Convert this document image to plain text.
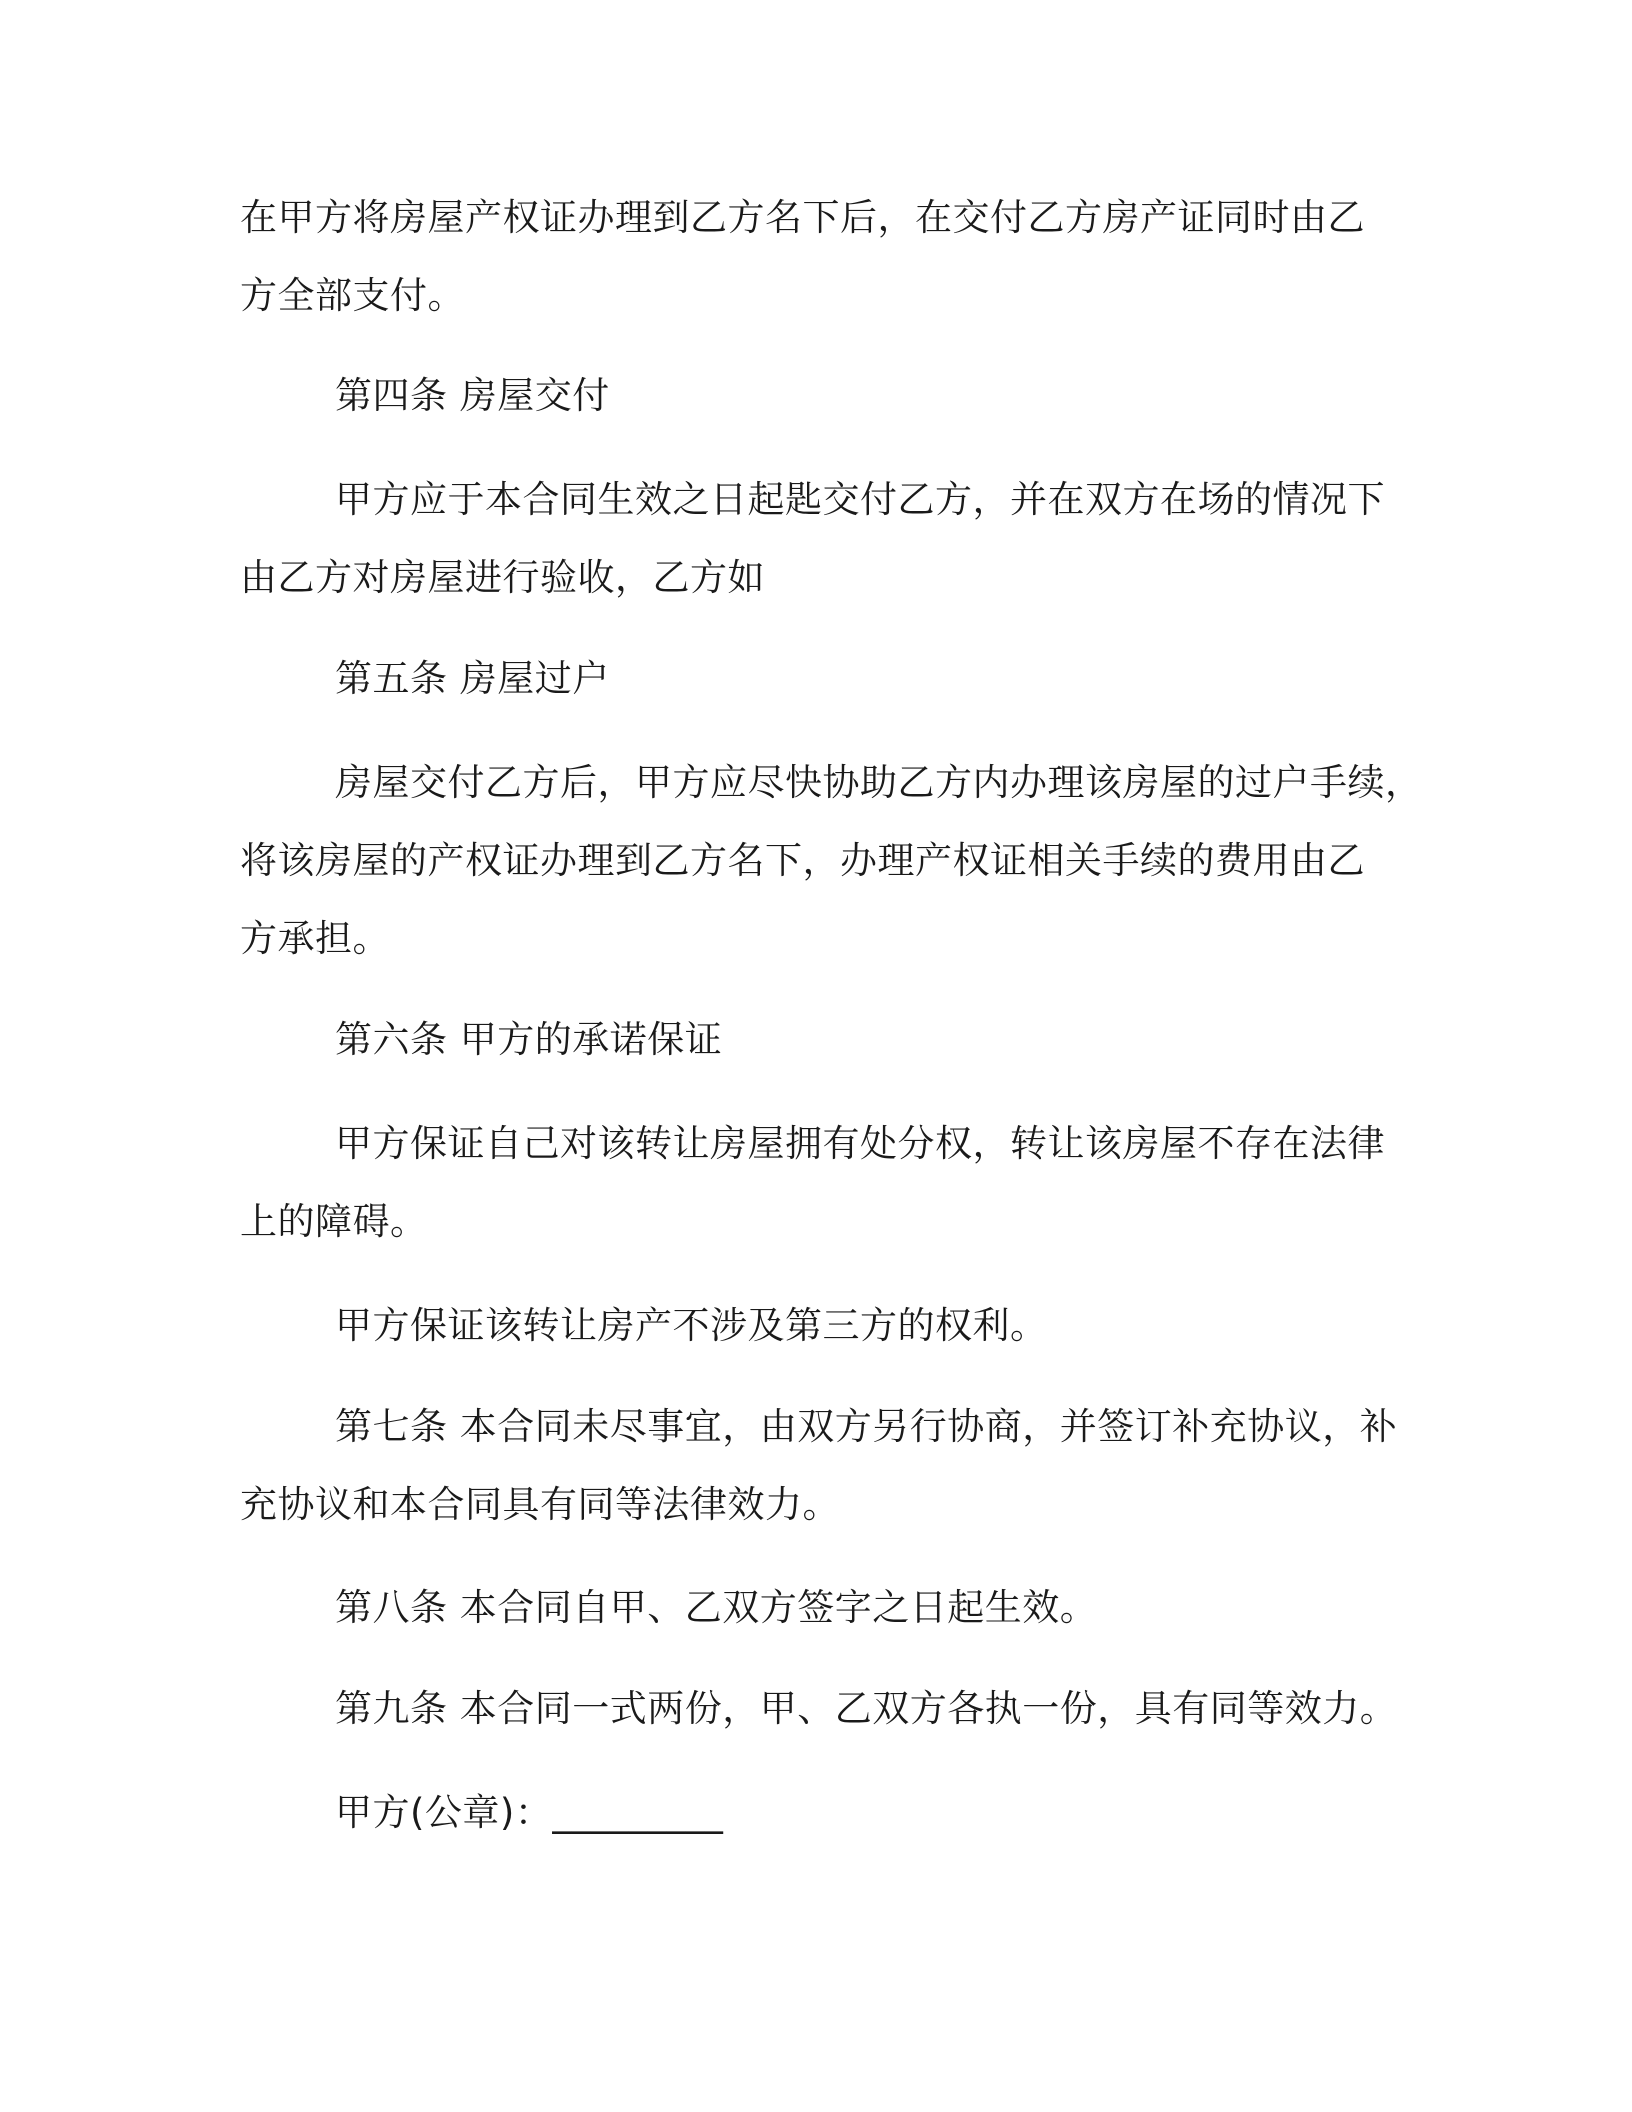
在甲方将房屋产权证办理到乙方名下后，在交付乙方房产证同时由乙
方全部支付。
第四条 房屋交付
甲方应于本合同生效之日起匙交付乙方，并在双方在场的情况下
由乙方对房屋进行验收，乙方如
第五条 房屋过户
房屋交付乙方后，甲方应尽快协助乙方内办理该房屋的过户手续，
将该房屋的产权证办理到乙方名下，办理产权证相关手续的费用由乙
方承担。
第六条 甲方的承诺保证
甲方保证自己对该转让房屋拥有处分权，转让该房屋不存在法律
上的障碍。
甲方保证该转让房产不涉及第三方的权利。
第七条 本合同未尽事宜，由双方另行协商，并签订补充协议，补
充协议和本合同具有同等法律效力。
第八条 本合同自甲、乙双方签字之日起生效。
第九条 本合同一式两份，甲、乙双方各执一份，具有同等效力。
甲方(公章)：_________
